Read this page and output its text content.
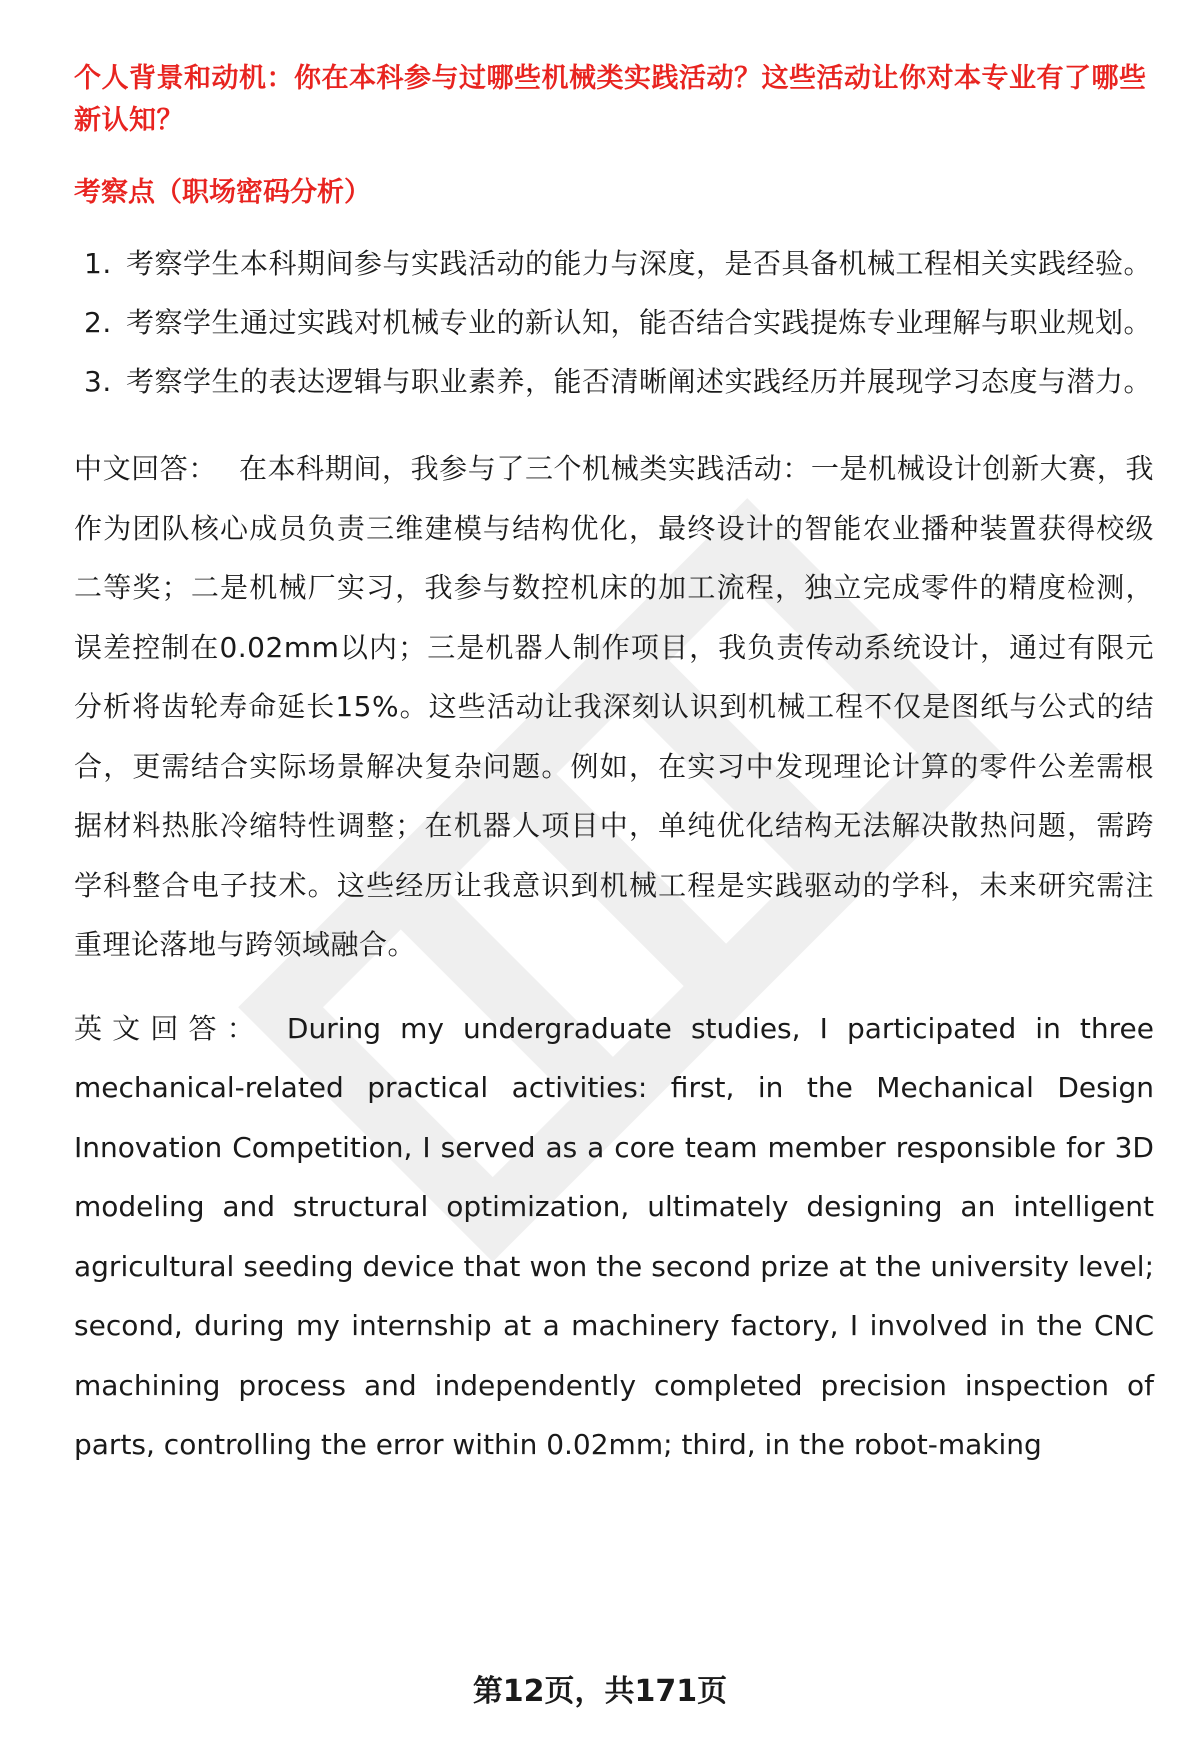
个人背景和动机：你在本科参与过哪些机械类实践活动？这些活动让你对本专业有了哪些新认知？

考察点（职场密码分析）

1. 考察学生本科期间参与实践活动的能力与深度，是否具备机械工程相关实践经验。
2. 考察学生通过实践对机械专业的新认知，能否结合实践提炼专业理解与职业规划。
3. 考察学生的表达逻辑与职业素养，能否清晰阐述实践经历并展现学习态度与潜力。

中文回答： 在本科期间，我参与了三个机械类实践活动：一是机械设计创新大赛，我作为团队核心成员负责三维建模与结构优化，最终设计的智能农业播种装置获得校级二等奖；二是机械厂实习，我参与数控机床的加工流程，独立完成零件的精度检测，误差控制在0.02mm以内；三是机器人制作项目，我负责传动系统设计，通过有限元分析将齿轮寿命延长15%。这些活动让我深刻认识到机械工程不仅是图纸与公式的结合，更需结合实际场景解决复杂问题。例如，在实习中发现理论计算的零件公差需根据材料热胀冷缩特性调整；在机器人项目中，单纯优化结构无法解决散热问题，需跨学科整合电子技术。这些经历让我意识到机械工程是实践驱动的学科，未来研究需注重理论落地与跨领域融合。

英文回答： During my undergraduate studies, I participated in three mechanical-related practical activities: first, in the Mechanical Design Innovation Competition, I served as a core team member responsible for 3D modeling and structural optimization, ultimately designing an intelligent agricultural seeding device that won the second prize at the university level; second, during my internship at a machinery factory, I involved in the CNC machining process and independently completed precision inspection of parts, controlling the error within 0.02mm; third, in the robot-making

第12页，共171页
